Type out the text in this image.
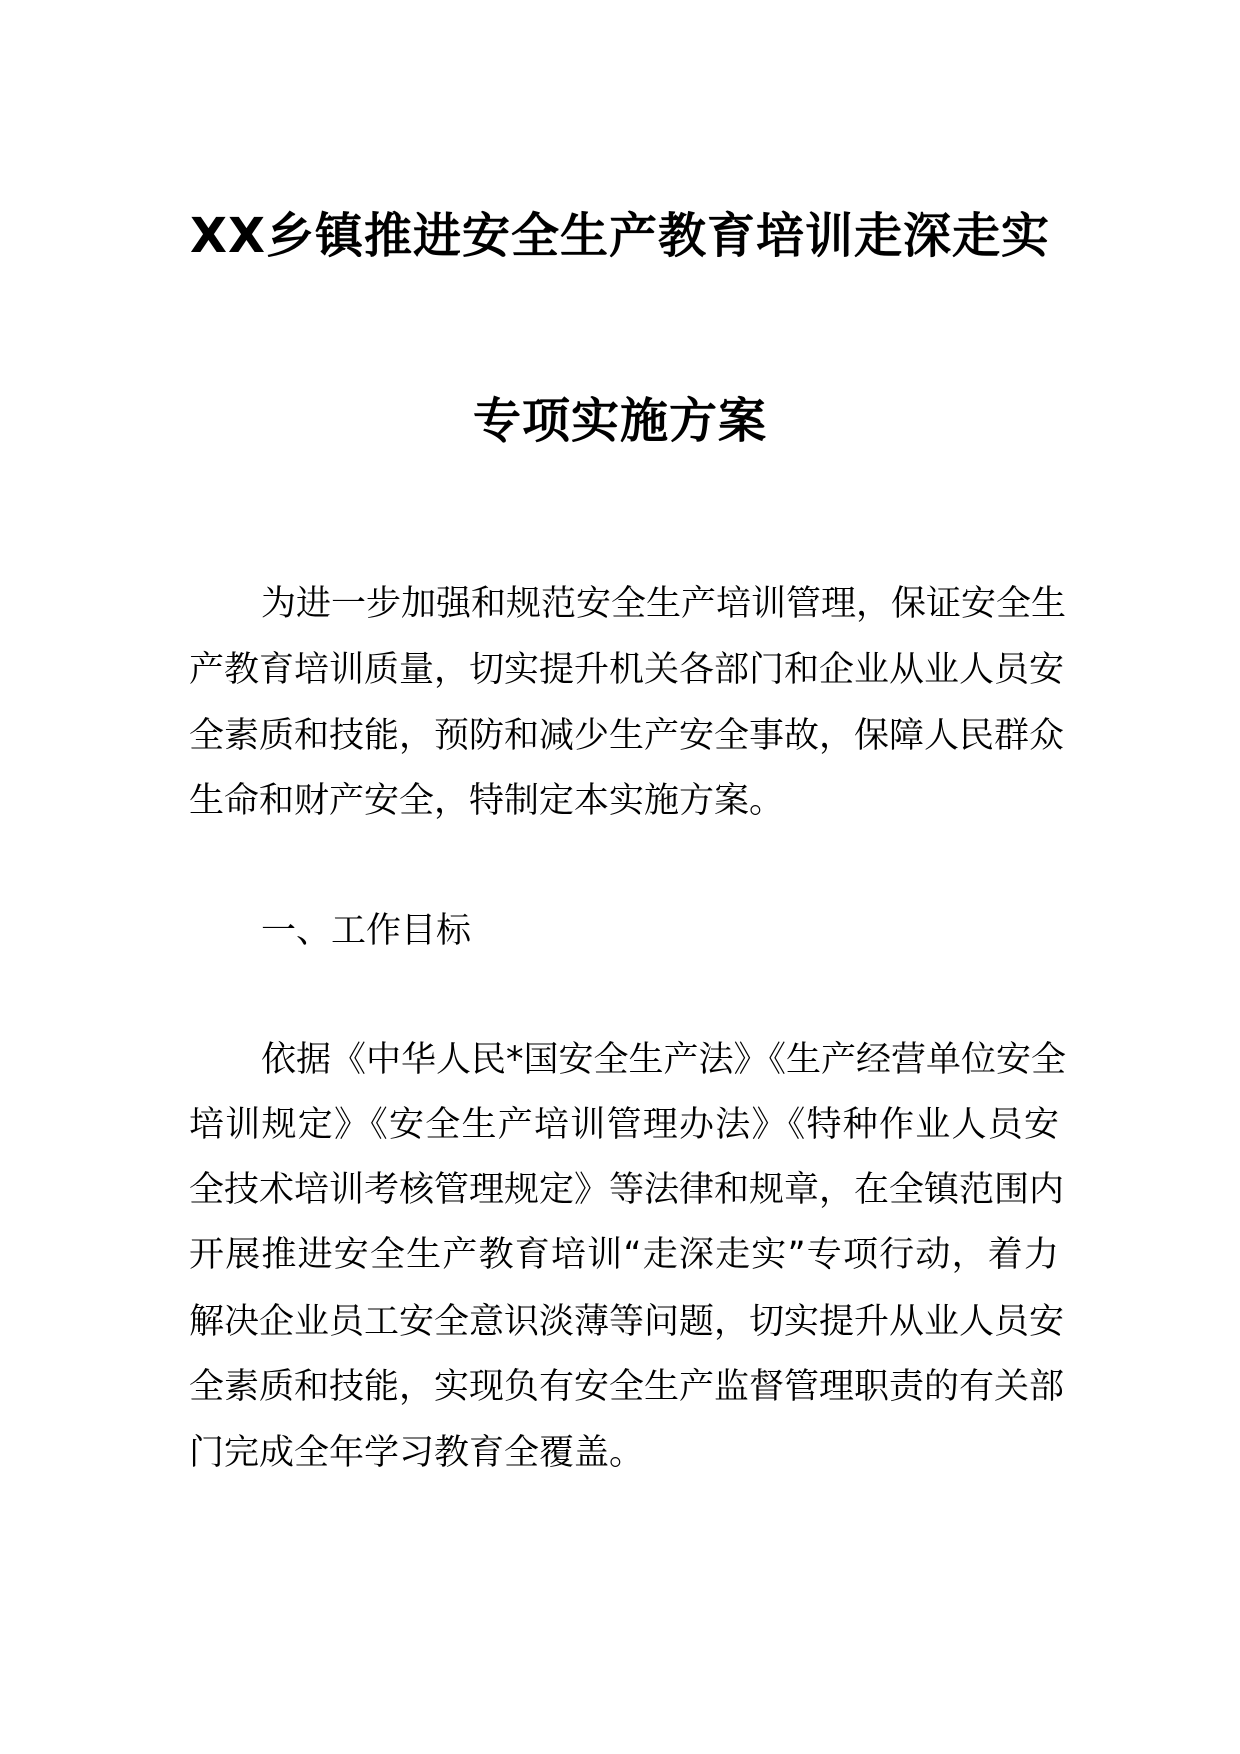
XX乡镇推进安全生产教育培训走深走实
专项实施方案
为进一步加强和规范安全生产培训管理，保证安全生
产教育培训质量，切实提升机关各部门和企业从业人员安
全素质和技能，预防和减少生产安全事故，保障人民群众
生命和财产安全，特制定本实施方案。
一、工作目标
依据《中华人民*国安全生产法》《生产经营单位安全
培训规定》《安全生产培训管理办法》《特种作业人员安
全技术培训考核管理规定》等法律和规章，在全镇范围内
开展推进安全生产教育培训“走深走实”专项行动，着力
解决企业员工安全意识淡薄等问题，切实提升从业人员安
全素质和技能，实现负有安全生产监督管理职责的有关部
门完成全年学习教育全覆盖。
